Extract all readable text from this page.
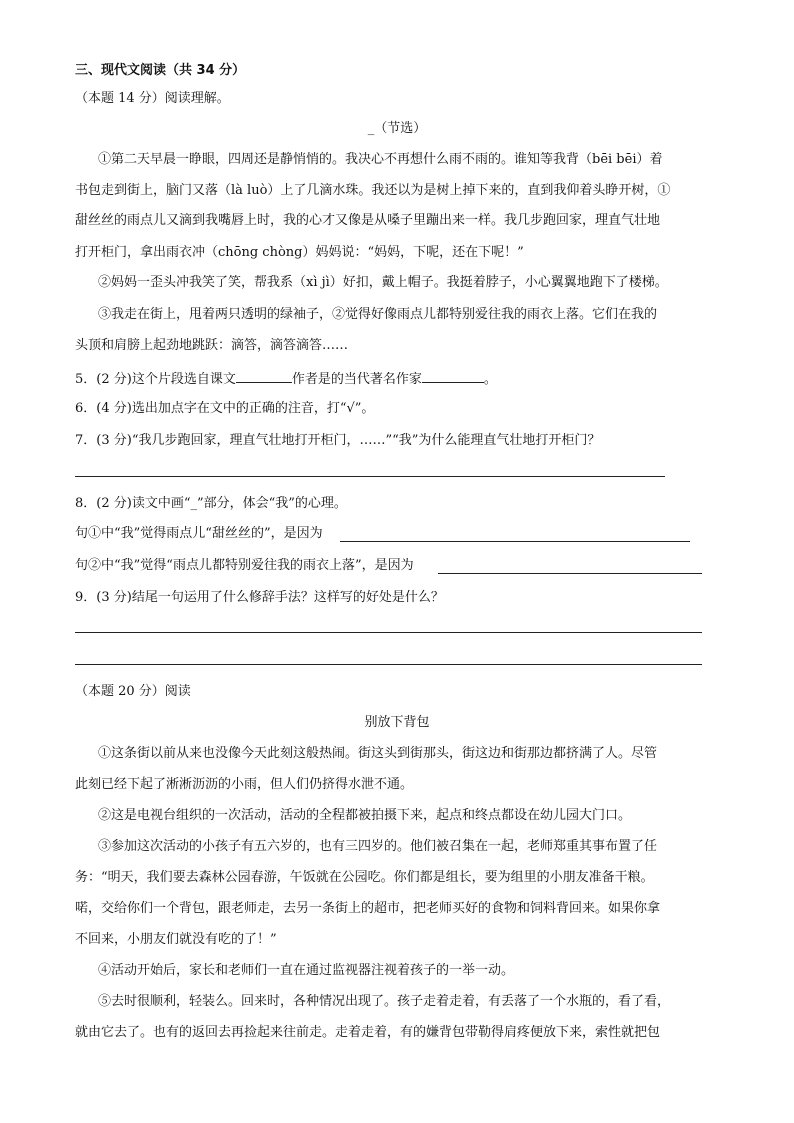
三、现代文阅读（共 34 分）
（本题 14 分）阅读理解。
_（节选）
①第二天早晨一睁眼，四周还是静悄悄的。我决心不再想什么雨不雨的。谁知等我背（bēi bēi）着
书包走到街上，脑门又落（là luò）上了几滴水珠。我还以为是树上掉下来的，直到我仰着头睁开树，①
甜丝丝的雨点儿又滴到我嘴唇上时，我的心才又像是从嗓子里蹦出来一样。我几步跑回家，理直气壮地
打开柜门，拿出雨衣冲（chōng chòng）妈妈说：“妈妈，下呢，还在下呢！”
②妈妈一歪头冲我笑了笑，帮我系（xì jì）好扣，戴上帽子。我挺着脖子，小心翼翼地跑下了楼梯。
③我走在街上，甩着两只透明的绿袖子，②觉得好像雨点儿都特别爱往我的雨衣上落。它们在我的
头顶和肩膀上起劲地跳跃：滴答，滴答滴答……
5．(2 分)这个片段选自课文	作者是的当代著名作家	。
6．(4 分)选出加点字在文中的正确的注音，打“√”。
7．(3 分)“我几步跑回家，理直气壮地打开柜门，……”“我”为什么能理直气壮地打开柜门？
8．(2 分)读文中画“_”部分，体会“我”的心理。
句①中“我”觉得雨点儿“甜丝丝的”，是因为
句②中“我”觉得“雨点儿都特别爱往我的雨衣上落”，是因为
9．(3 分)结尾一句运用了什么修辞手法？这样写的好处是什么？
（本题 20 分）阅读
别放下背包
①这条街以前从来也没像今天此刻这般热闹。街这头到街那头，街这边和街那边都挤满了人。尽管
此刻已经下起了淅淅沥沥的小雨，但人们仍挤得水泄不通。
②这是电视台组织的一次活动，活动的全程都被拍摄下来，起点和终点都设在幼儿园大门口。
③参加这次活动的小孩子有五六岁的，也有三四岁的。他们被召集在一起，老师郑重其事布置了任
务：“明天，我们要去森林公园春游，午饭就在公园吃。你们都是组长，要为组里的小朋友准备干粮。
喏，交给你们一个背包，跟老师走，去另一条街上的超市，把老师买好的食物和饲料背回来。如果你拿
不回来，小朋友们就没有吃的了！”
④活动开始后，家长和老师们一直在通过监视器注视着孩子的一举一动。
⑤去时很顺利，轻装么。回来时，各种情况出现了。孩子走着走着，有丢落了一个水瓶的，看了看，
就由它去了。也有的返回去再捡起来往前走。走着走着，有的嫌背包带勒得肩疼便放下来，索性就把包
